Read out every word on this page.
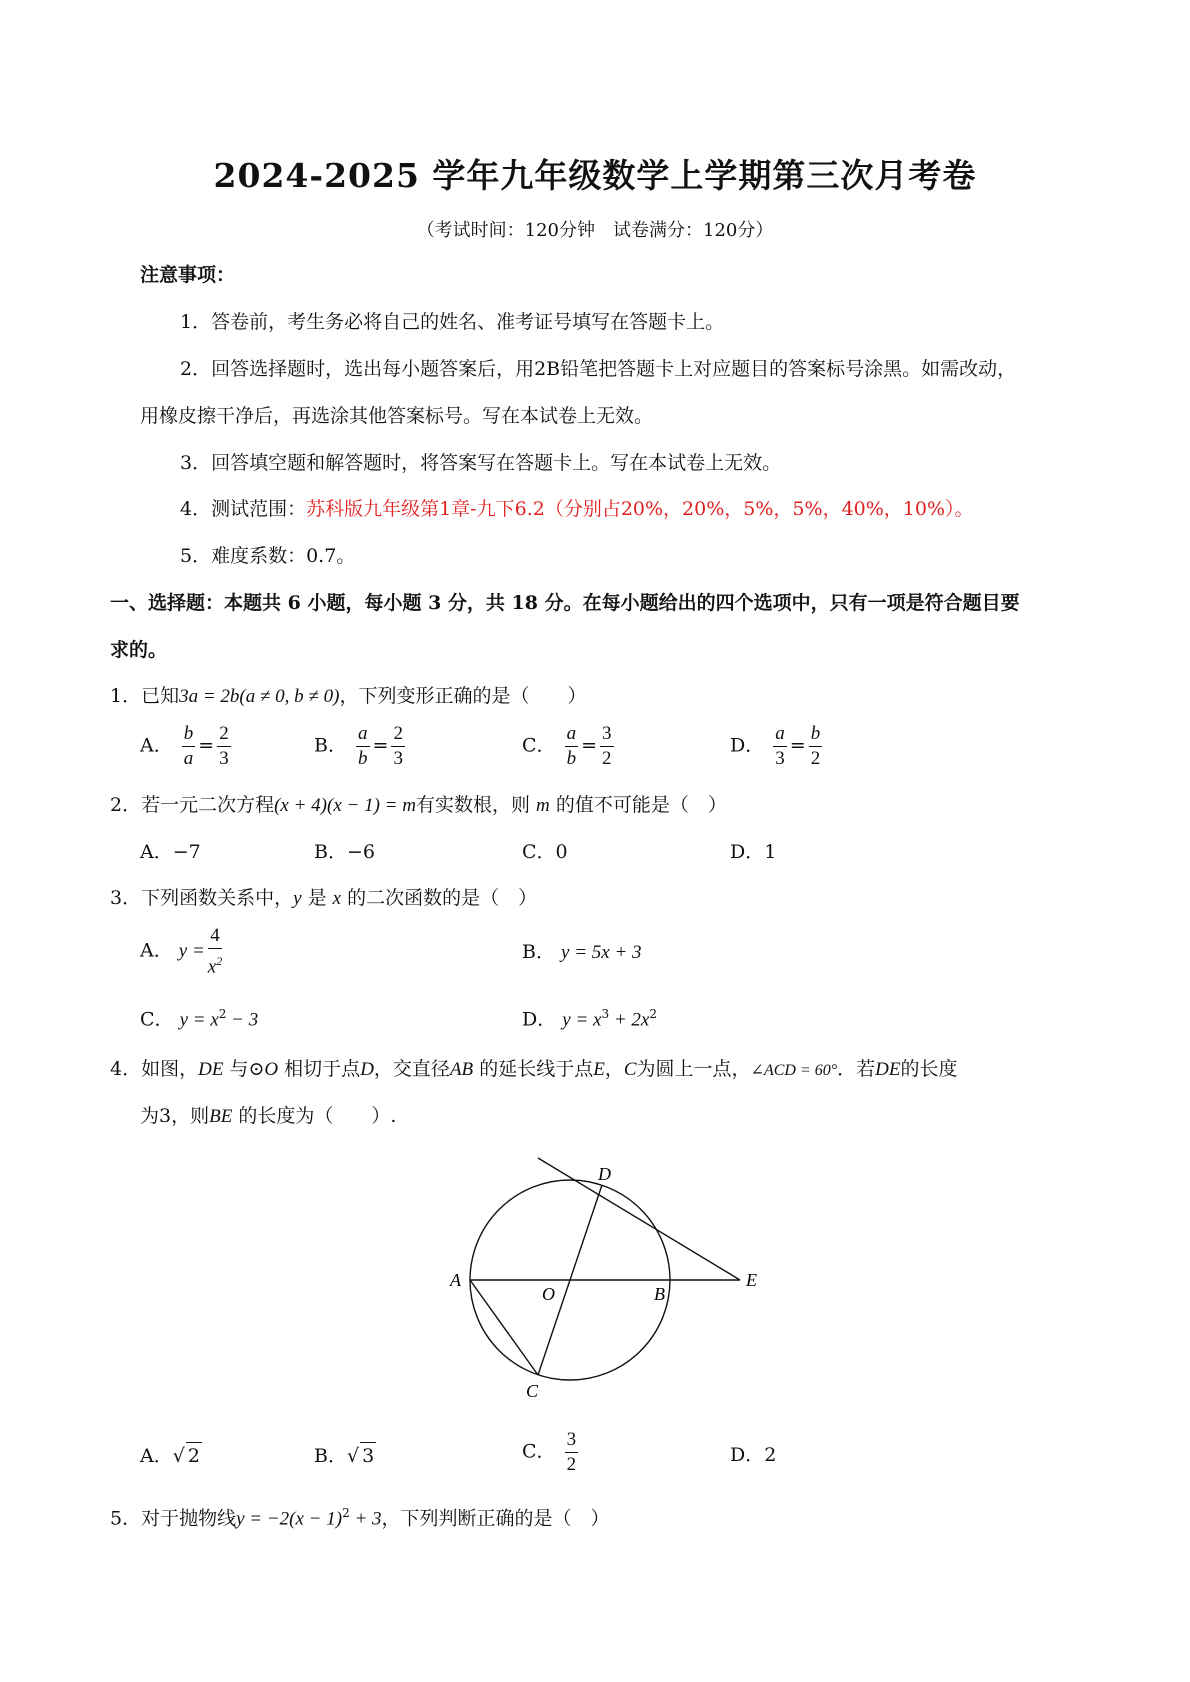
2024-2025 学年九年级数学上学期第三次月考卷
（考试时间：120分钟　试卷满分：120分）
注意事项：
1．答卷前，考生务必将自己的姓名、准考证号填写在答题卡上。
2．回答选择题时，选出每小题答案后，用2B铅笔把答题卡上对应题目的答案标号涂黑。如需改动，
用橡皮擦干净后，再选涂其他答案标号。写在本试卷上无效。
3．回答填空题和解答题时，将答案写在答题卡上。写在本试卷上无效。
4．测试范围：苏科版九年级第1章-九下6.2（分别占20%，20%，5%，5%，40%，10%）。
5．难度系数：0.7。
一、选择题：本题共 6 小题，每小题 3 分，共 18 分。在每小题给出的四个选项中，只有一项是符合题目要
求的。
1．已知3a = 2b(a ≠ 0, b ≠ 0)，下列变形正确的是（　　）
A． $\frac{b}{a} = \frac{2}{3}$	B． $\frac{a}{b} = \frac{2}{3}$	C． $\frac{a}{b} = \frac{3}{2}$	D． $\frac{a}{3} = \frac{b}{2}$
2．若一元二次方程(x + 4)(x − 1) = m有实数根，则 m 的值不可能是（　）
A．−7	B．−6	C．0	D．1
3．下列函数关系中，y 是 x 的二次函数的是（　）
A． $y = \frac{4}{x^2}$	B． y = 5x + 3
C． $y = x^2 - 3$	D． $y = x^3 + 2x^2$
4．如图，DE 与⊙O 相切于点D，交直径AB 的延长线于点E，C为圆上一点，∠ACD = 60°．若DE的长度
为3，则BE 的长度为（　　）.
D
A
O	B
E
C
A．√ 2	B．√ 3	C． $\frac{3}{2}$	D．2
5．对于抛物线$y = -2(x - 1)^2 + 3$，下列判断正确的是（　）
